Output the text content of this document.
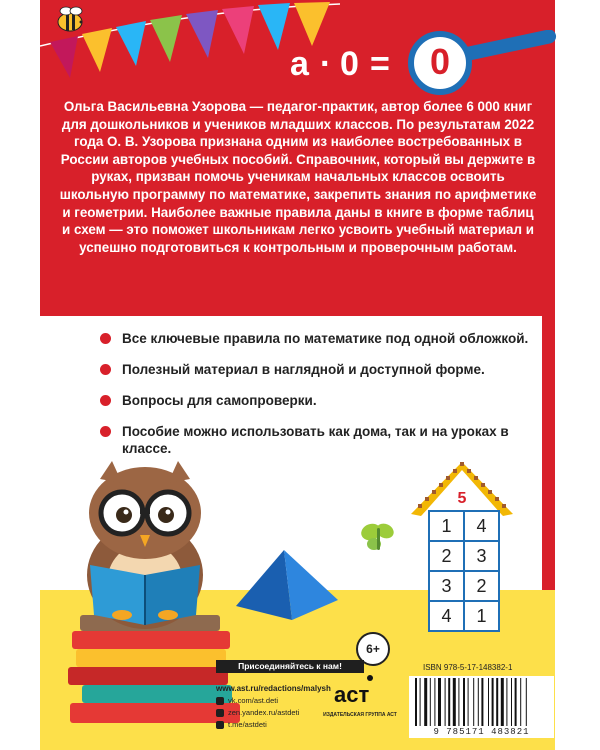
a · 0 =	0
Ольга Васильевна Узорова — педагог-практик, автор более 6 000 книг для дошкольников и учеников младших классов. По результатам 2022 года О. В. Узорова признана одним из наиболее востребованных в России авторов учебных пособий. Справочник, который вы держите в руках, призван помочь ученикам начальных классов освоить школьную программу по математике, закрепить знания по арифметике и геометрии. Наиболее важные правила даны в книге в форме таблиц и схем — это поможет школьникам легко усвоить учебный материал и успешно подготовиться к контрольным и проверочным работам.
Все ключевые правила по математике под одной обложкой.
Полезный материал в наглядной и доступной форме.
Вопросы для самопроверки.
Пособие можно использовать как дома, так и на уроках в классе.
5
1	4
2	3
3	2
4	1
6+
Присоединяйтесь к нам!
www.ast.ru/redactions/malysh
vk.com/ast.deti
zen.yandex.ru/astdeti
t.me/astdeti
аст
ИЗДАТЕЛЬСКАЯ ГРУППА АСТ
ISBN 978-5-17-148382-1
9 785171 483821
